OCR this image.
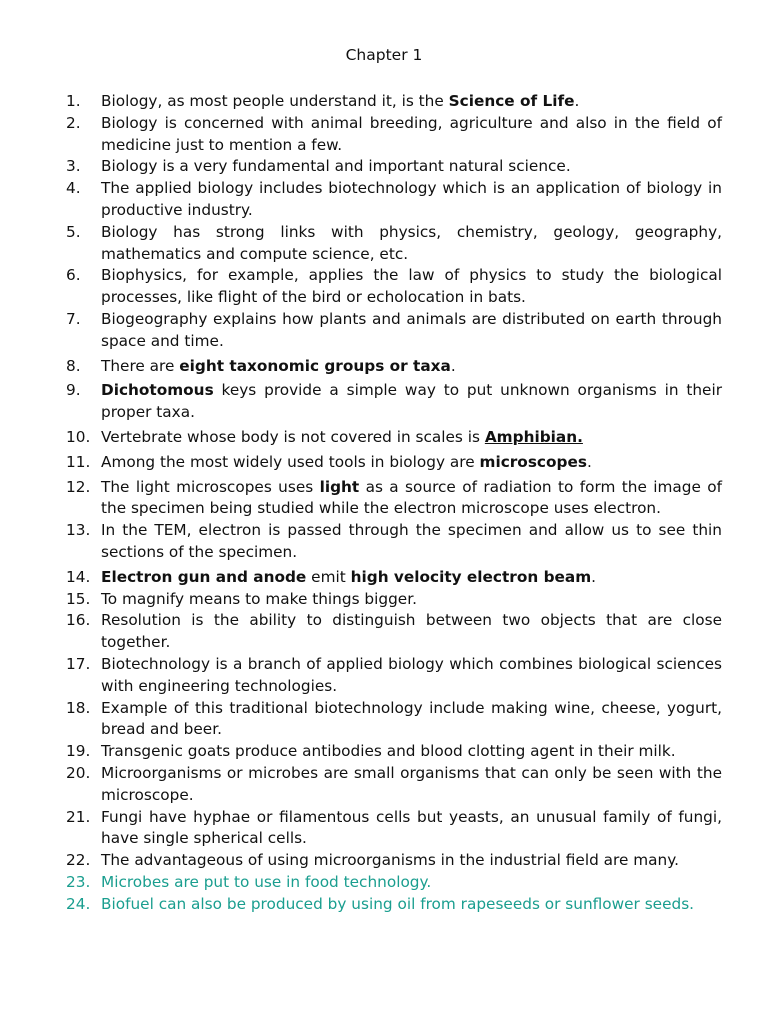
Chapter 1
1.	Biology, as most people understand it, is the Science of Life.
2.	Biology is concerned with animal breeding, agriculture and also in the field of medicine just to mention a few.
3.	Biology is a very fundamental and important natural science.
4.	The applied biology includes biotechnology which is an application of biology in productive industry.
5.	Biology has strong links with physics, chemistry, geology, geography, mathematics and compute science, etc.
6.	Biophysics, for example, applies the law of physics to study the biological processes, like flight of the bird or echolocation in bats.
7.	Biogeography explains how plants and animals are distributed on earth through space and time.
8.	There are eight taxonomic groups or taxa.
9.	Dichotomous keys provide a simple way to put unknown organisms in their proper taxa.
10. Vertebrate whose body is not covered in scales is Amphibian.
11. Among the most widely used tools in biology are microscopes.
12. The light microscopes uses light as a source of radiation to form the image of the specimen being studied while the electron microscope uses electron.
13. In the TEM, electron is passed through the specimen and allow us to see thin sections of the specimen.
14. Electron gun and anode emit high velocity electron beam.
15. To magnify means to make things bigger.
16. Resolution is the ability to distinguish between two objects that are close together.
17. Biotechnology is a branch of applied biology which combines biological sciences with engineering technologies.
18. Example of this traditional biotechnology include making wine, cheese, yogurt, bread and beer.
19. Transgenic goats produce antibodies and blood clotting agent in their milk.
20. Microorganisms or microbes are small organisms that can only be seen with the microscope.
21. Fungi have hyphae or filamentous cells but yeasts, an unusual family of fungi, have single spherical cells.
22. The advantageous of using microorganisms in the industrial field are many.
23. Microbes are put to use in food technology.
24. Biofuel can also be produced by using oil from rapeseeds or sunflower seeds.
